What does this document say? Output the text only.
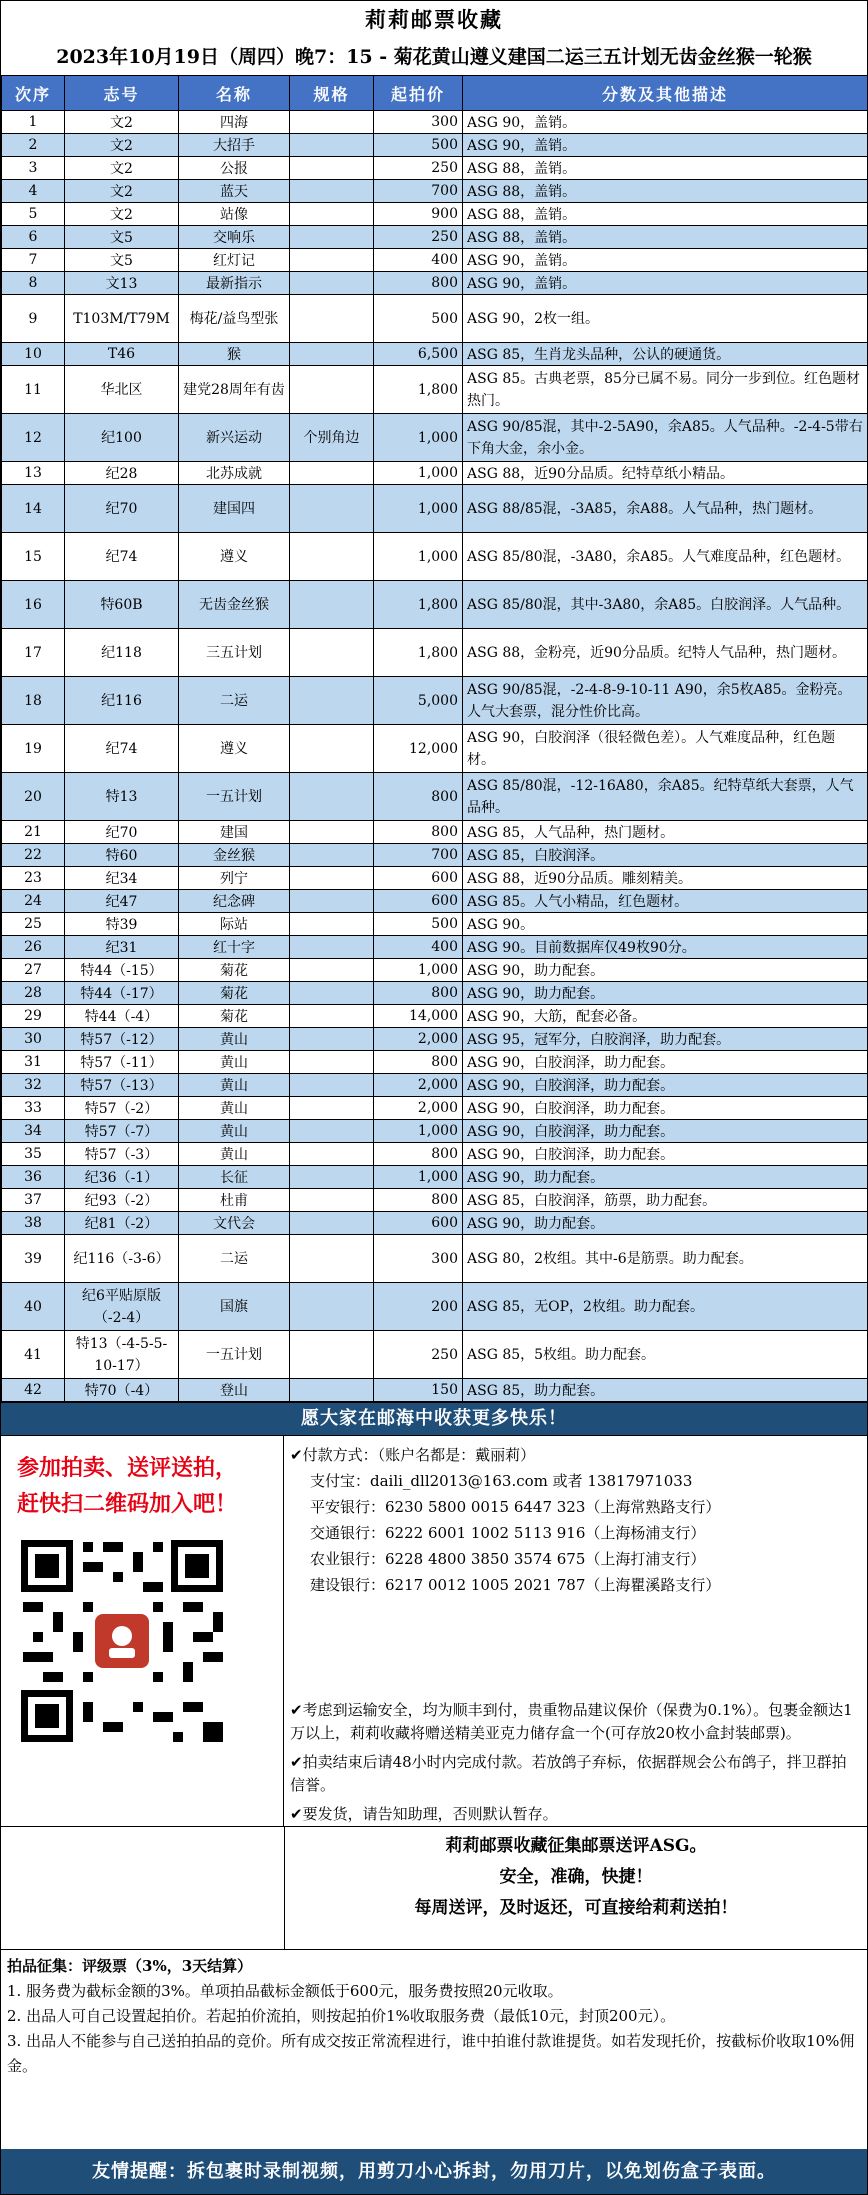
莉莉邮票收藏
2023年10月19日（周四）晚7：15 - 菊花黄山遵义建国二运三五计划无齿金丝猴一轮猴
次序	志号	名称	规格	起拍价	分数及其他描述
1	文2	四海		300	ASG 90，盖销。
2	文2	大招手		500	ASG 90，盖销。
3	文2	公报		250	ASG 88，盖销。
4	文2	蓝天		700	ASG 88，盖销。
5	文2	站像		900	ASG 88，盖销。
6	文5	交响乐		250	ASG 88，盖销。
7	文5	红灯记		400	ASG 90，盖销。
8	文13	最新指示		800	ASG 90，盖销。
9	T103M/T79M	梅花/益鸟型张		500	ASG 90，2枚一组。
10	T46	猴		6,500	ASG 85，生肖龙头品种，公认的硬通货。
11	华北区	建党28周年有齿		1,800	ASG 85。古典老票，85分已属不易。同分一步到位。红色题材热门。
12	纪100	新兴运动	个别角边	1,000	ASG 90/85混，其中-2-5A90，余A85。人气品种。-2-4-5带右下角大金，余小金。
13	纪28	北苏成就		1,000	ASG 88，近90分品质。纪特草纸小精品。
14	纪70	建国四		1,000	ASG 88/85混，-3A85，余A88。人气品种，热门题材。
15	纪74	遵义		1,000	ASG 85/80混，-3A80，余A85。人气难度品种，红色题材。
16	特60B	无齿金丝猴		1,800	ASG 85/80混，其中-3A80，余A85。白胶润泽。人气品种。
17	纪118	三五计划		1,800	ASG 88，金粉亮，近90分品质。纪特人气品种，热门题材。
18	纪116	二运		5,000	ASG 90/85混，-2-4-8-9-10-11 A90，余5枚A85。金粉亮。人气大套票，混分性价比高。
19	纪74	遵义		12,000	ASG 90，白胶润泽（很轻微色差）。人气难度品种，红色题材。
20	特13	一五计划		800	ASG 85/80混，-12-16A80，余A85。纪特草纸大套票，人气品种。
21	纪70	建国		800	ASG 85，人气品种，热门题材。
22	特60	金丝猴		700	ASG 85，白胶润泽。
23	纪34	列宁		600	ASG 88，近90分品质。雕刻精美。
24	纪47	纪念碑		600	ASG 85。人气小精品，红色题材。
25	特39	际站		500	ASG 90。
26	纪31	红十字		400	ASG 90。目前数据库仅49枚90分。
27	特44（-15）	菊花		1,000	ASG 90，助力配套。
28	特44（-17）	菊花		800	ASG 90，助力配套。
29	特44（-4）	菊花		14,000	ASG 90，大筋，配套必备。
30	特57（-12）	黄山		2,000	ASG 95，冠军分，白胶润泽，助力配套。
31	特57（-11）	黄山		800	ASG 90，白胶润泽，助力配套。
32	特57（-13）	黄山		2,000	ASG 90，白胶润泽，助力配套。
33	特57（-2）	黄山		2,000	ASG 90，白胶润泽，助力配套。
34	特57（-7）	黄山		1,000	ASG 90，白胶润泽，助力配套。
35	特57（-3）	黄山		800	ASG 90，白胶润泽，助力配套。
36	纪36（-1）	长征		1,000	ASG 90，助力配套。
37	纪93（-2）	杜甫		800	ASG 85，白胶润泽，筋票，助力配套。
38	纪81（-2）	文代会		600	ASG 90，助力配套。
39	纪116（-3-6）	二运		300	ASG 80，2枚组。其中-6是筋票。助力配套。
40	纪6平贴原版（-2-4）	国旗		200	ASG 85，无OP，2枚组。助力配套。
41	特13（-4-5-5-10-17）	一五计划		250	ASG 85，5枚组。助力配套。
42	特70（-4）	登山		150	ASG 85，助力配套。
愿大家在邮海中收获更多快乐！
参加拍卖、送评送拍，
赶快扫二维码加入吧！
✔付款方式：（账户名都是：戴丽莉）
支付宝：daili_dll2013@163.com 或者 13817971033
平安银行：6230 5800 0015 6447 323（上海常熟路支行）
交通银行：6222 6001 1002 5113 916（上海杨浦支行）
农业银行：6228 4800 3850 3574 675（上海打浦支行）
建设银行：6217 0012 1005 2021 787（上海瞿溪路支行）
✔考虑到运输安全，均为顺丰到付，贵重物品建议保价（保费为0.1%）。包裹金额达1万以上，莉莉收藏将赠送精美亚克力储存盒一个(可存放20枚小盒封装邮票)。
✔拍卖结束后请48小时内完成付款。若放鸽子弃标，依据群规会公布鸽子，拌卫群拍信誉。
✔要发货，请告知助理，否则默认暂存。
莉莉邮票收藏征集邮票送评ASG。
安全，准确，快捷！
每周送评，及时返还，可直接给莉莉送拍！
拍品征集：评级票（3%，3天结算）
1. 服务费为截标金额的3%。单项拍品截标金额低于600元，服务费按照20元收取。
2. 出品人可自己设置起拍价。若起拍价流拍，则按起拍价1%收取服务费（最低10元，封顶200元）。
3. 出品人不能参与自己送拍拍品的竞价。所有成交按正常流程进行，谁中拍谁付款谁提货。如若发现托价，按截标价收取10%佣金。
友情提醒：拆包裹时录制视频，用剪刀小心拆封，勿用刀片，以免划伤盒子表面。
